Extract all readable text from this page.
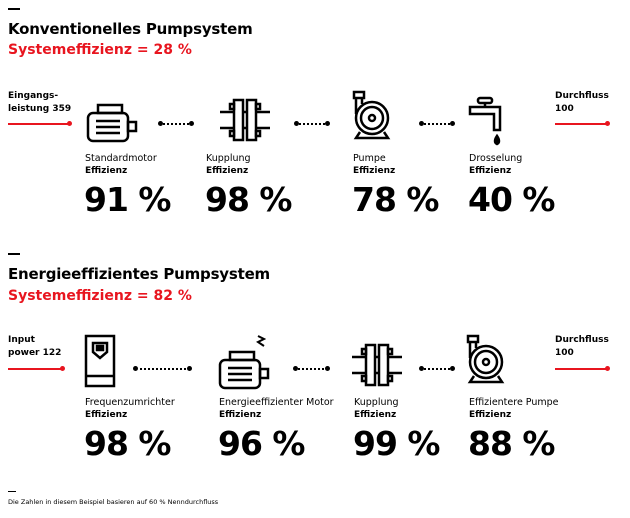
Konventionelles Pumpsystem
Systemeffizienz = 28 %
Eingangs-
leistung 359
Durchfluss
100
Standardmotor
Effizienz
91 %
Kupplung
Effizienz
98 %
Pumpe
Effizienz
78 %
Drosselung
Effizienz
40 %
Energieeffizientes Pumpsystem
Systemeffizienz = 82 %
Input
power 122
Durchfluss
100
Frequenzumrichter
Effizienz
98 %
Energieeffizienter Motor
Effizienz
96 %
Kupplung
Effizienz
99 %
Effizientere Pumpe
Effizienz
88 %
Die Zahlen in diesem Beispiel basieren auf 60 % Nenndurchfluss
